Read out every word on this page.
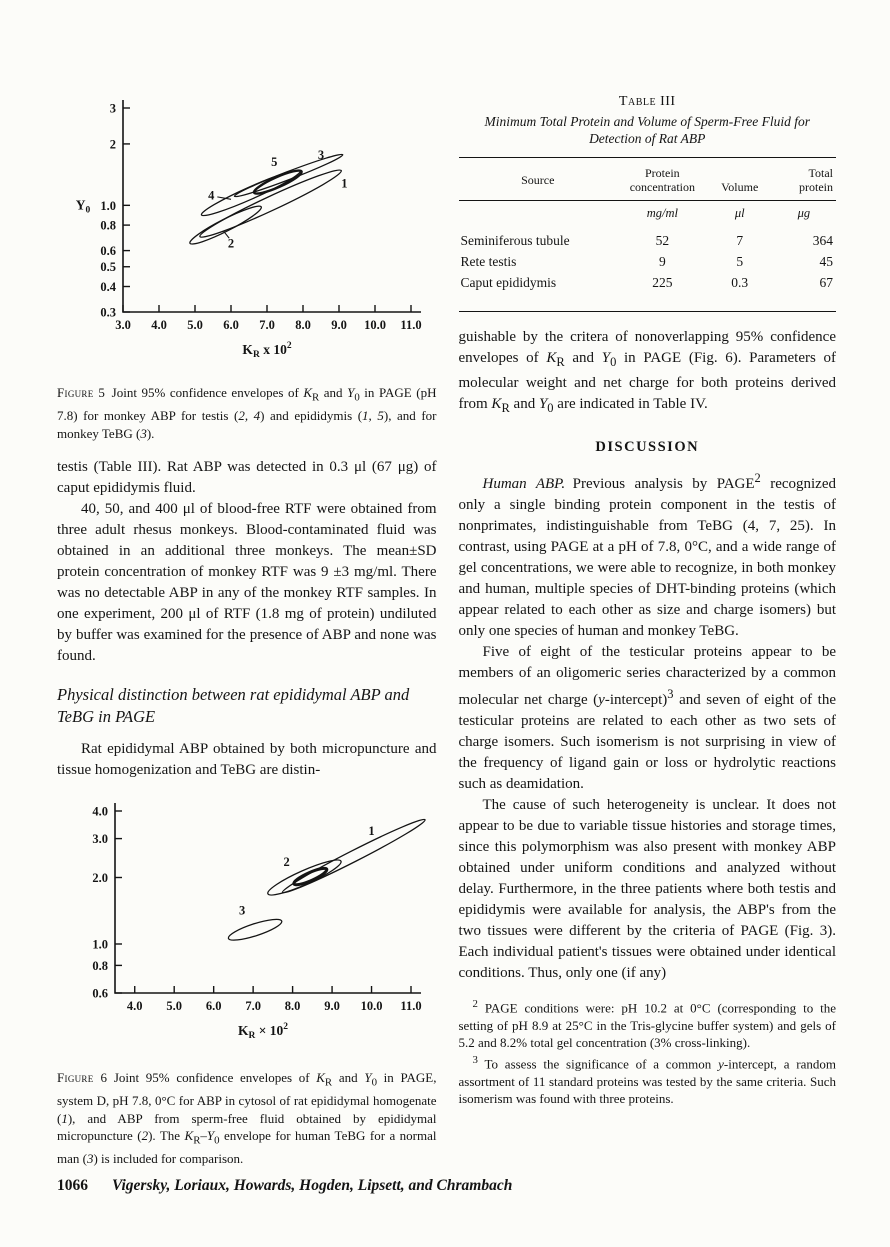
3
2
1.0
0.8
0.6
0.5
0.4
0.3
3.0 4.0 5.0 6.0 7.0 8.0 9.0 10.0 11.0
$K_R$ x $10^2$
$Y_0$
1
2
3
4
5
Figure 5 Joint 95% confidence envelopes of $K_R$ and $Y_0$ in PAGE (pH 7.8) for monkey ABP for testis (2, 4) and epididymis (1, 5), and for monkey TeBG (3).

testis (Table III). Rat ABP was detected in 0.3 μl (67 μg) of caput epididymis fluid.

40, 50, and 400 μl of blood-free RTF were obtained from three adult rhesus monkeys. Blood-contaminated fluid was obtained in an additional three monkeys. The mean±SD protein concentration of monkey RTF was 9 ±3 mg/ml. There was no detectable ABP in any of the monkey RTF samples. In one experiment, 200 μl of RTF (1.8 mg of protein) undiluted by buffer was examined for the presence of ABP and none was found.

Physical distinction between rat epididymal ABP and TeBG in PAGE

Rat epididymal ABP obtained by both micropuncture and tissue homogenization and TeBG are distin-

4.0
3.0
2.0
1.0
0.8
0.6
4.0 5.0 6.0 7.0 8.0 9.0 10.0 11.0
$K_R \times 10^2$
1
2
3
Figure 6 Joint 95% confidence envelopes of $K_R$ and $Y_0$ in PAGE, system D, pH 7.8, 0°C for ABP in cytosol of rat epididymal homogenate (1), and ABP from sperm-free fluid obtained by epididymal micropuncture (2). The $K_R-Y_0$ envelope for human TeBG for a normal man (3) is included for comparison.
Table III
Minimum Total Protein and Volume of Sperm-Free Fluid for Detection of Rat ABP
Source	Protein concentration	Volume	Total protein
	mg/ml	μl	μg
Seminiferous tubule	52	7	364
Rete testis	9	5	45
Caput epididymis	225	0.3	67

guishable by the critera of nonoverlapping 95% confidence envelopes of $K_R$ and $Y_0$ in PAGE (Fig. 6). Parameters of molecular weight and net charge for both proteins derived from $K_R$ and $Y_0$ are indicated in Table IV.

DISCUSSION

Human ABP. Previous analysis by PAGE$^2$ recognized only a single binding protein component in the testis of nonprimates, indistinguishable from TeBG (4, 7, 25). In contrast, using PAGE at a pH of 7.8, 0°C, and a wide range of gel concentrations, we were able to recognize, in both monkey and human, multiple species of DHT-binding proteins (which appear related to each other as size and charge isomers) but only one species of human and monkey TeBG.

Five of eight of the testicular proteins appear to be members of an oligomeric series characterized by a common molecular net charge (y-intercept)$^3$ and seven of eight of the testicular proteins are related to each other as two sets of charge isomers. Such isomerism is not surprising in view of the frequency of ligand gain or loss or hydrolytic reactions such as deamidation.

The cause of such heterogeneity is unclear. It does not appear to be due to variable tissue histories and storage times, since this polymorphism was also present with monkey ABP obtained under uniform conditions and analyzed without delay. Furthermore, in the three patients where both testis and epididymis were available for analysis, the ABP's from the two tissues were different by the criteria of PAGE (Fig. 3). Each individual patient's tissues were obtained under identical conditions. Thus, only one (if any)

$^2$ PAGE conditions were: pH 10.2 at 0°C (corresponding to the setting of pH 8.9 at 25°C in the Tris-glycine buffer system) and gels of 5.2 and 8.2% total gel concentration (3% cross-linking).

$^3$ To assess the significance of a common y-intercept, a random assortment of 11 standard proteins was tested by the same criteria. Such isomerism was found with three proteins.

1066 Vigersky, Loriaux, Howards, Hogden, Lipsett, and Chrambach
